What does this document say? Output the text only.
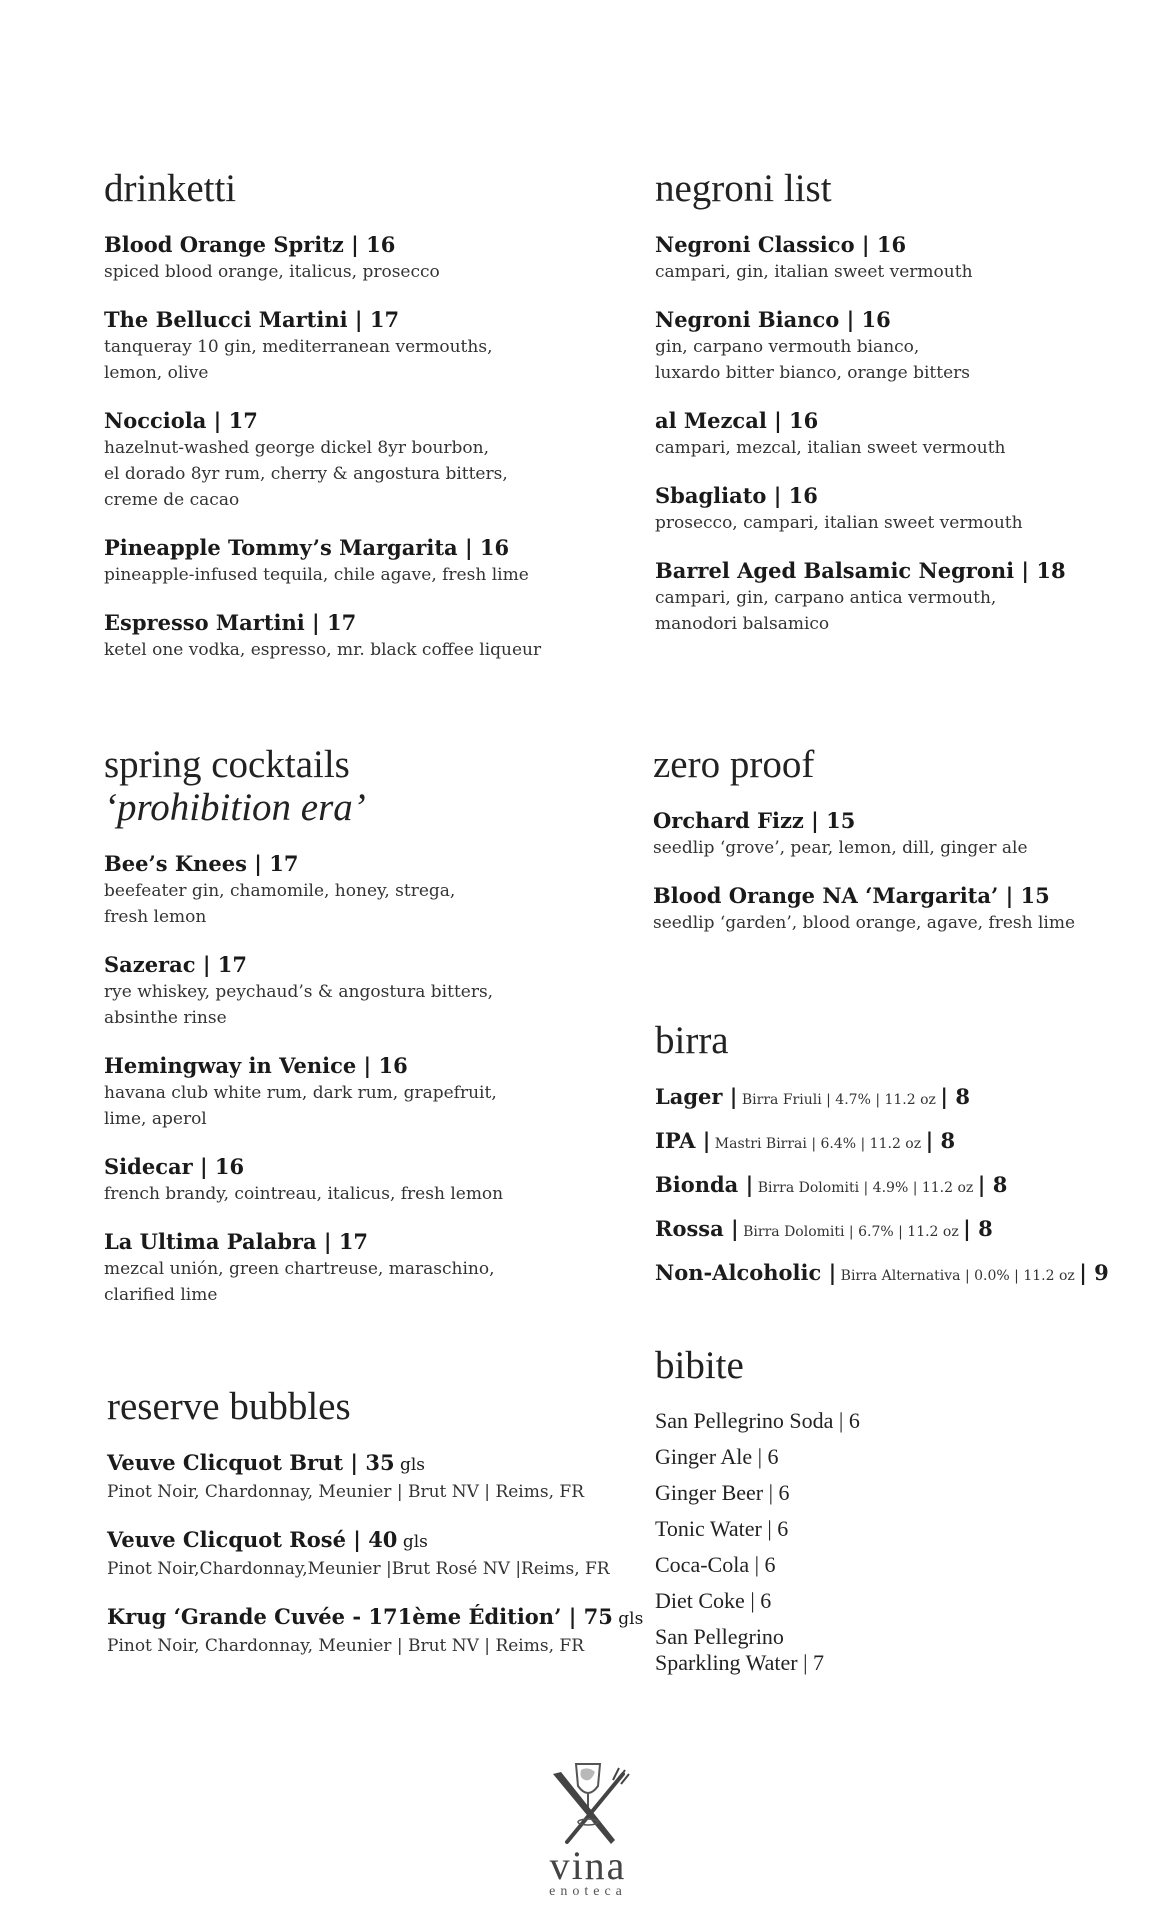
drinketti
Blood Orange Spritz | 16
spiced blood orange, italicus, prosecco
The Bellucci Martini | 17
tanqueray 10 gin, mediterranean vermouths,
lemon, olive
Nocciola | 17
hazelnut-washed george dickel 8yr bourbon,
el dorado 8yr rum, cherry & angostura bitters,
creme de cacao
Pineapple Tommy’s Margarita | 16
pineapple-infused tequila, chile agave, fresh lime
Espresso Martini | 17
ketel one vodka, espresso, mr. black coffee liqueur
negroni list
Negroni Classico | 16
campari, gin, italian sweet vermouth
Negroni Bianco | 16
gin, carpano vermouth bianco,
luxardo bitter bianco, orange bitters
al Mezcal | 16
campari, mezcal, italian sweet vermouth
Sbagliato | 16
prosecco, campari, italian sweet vermouth
Barrel Aged Balsamic Negroni | 18
campari, gin, carpano antica vermouth,
manodori balsamico
spring cocktails
‘prohibition era’
Bee’s Knees | 17
beefeater gin, chamomile, honey, strega,
fresh lemon
Sazerac | 17
rye whiskey, peychaud’s & angostura bitters,
absinthe rinse
Hemingway in Venice | 16
havana club white rum, dark rum, grapefruit,
lime, aperol
Sidecar | 16
french brandy, cointreau, italicus, fresh lemon
La Ultima Palabra | 17
mezcal unión, green chartreuse, maraschino,
clarified lime
zero proof
Orchard Fizz | 15
seedlip ‘grove’, pear, lemon, dill, ginger ale
Blood Orange NA ‘Margarita’ | 15
seedlip ‘garden’, blood orange, agave, fresh lime
birra
Lager | Birra Friuli | 4.7% | 11.2 oz | 8
IPA | Mastri Birrai | 6.4% | 11.2 oz | 8
Bionda | Birra Dolomiti | 4.9% | 11.2 oz | 8
Rossa | Birra Dolomiti | 6.7% | 11.2 oz | 8
Non-Alcoholic | Birra Alternativa | 0.0% | 11.2 oz | 9
reserve bubbles
Veuve Clicquot Brut | 35 gls
Pinot Noir, Chardonnay, Meunier | Brut NV | Reims, FR
Veuve Clicquot Rosé | 40 gls
Pinot Noir,Chardonnay,Meunier |Brut Rosé NV |Reims, FR
Krug ‘Grande Cuvée - 171ème Édition’ | 75 gls
Pinot Noir, Chardonnay, Meunier | Brut NV | Reims, FR
bibite
San Pellegrino Soda | 6
Ginger Ale | 6
Ginger Beer | 6
Tonic Water | 6
Coca-Cola | 6
Diet Coke | 6
San Pellegrino
Sparkling Water | 7
vina
enoteca
